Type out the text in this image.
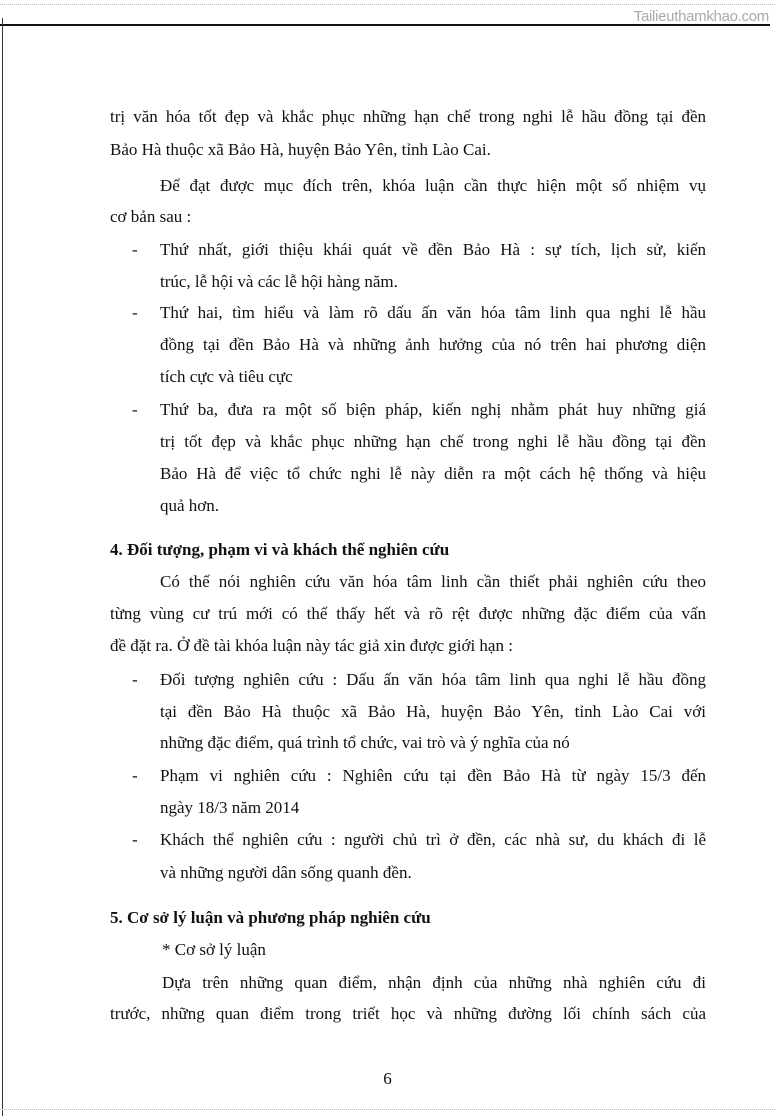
Tailieuthamkhao.com
trị văn hóa tốt đẹp và khắc phục những hạn chế trong nghi lễ hầu đồng tại đền
Bảo Hà thuộc xã Bảo Hà, huyện Bảo Yên, tỉnh Lào Cai.
Để đạt được mục đích trên, khóa luận cần thực hiện một số nhiệm vụ
cơ bản sau :
Thứ nhất, giới thiệu khái quát về đền Bảo Hà : sự tích, lịch sử, kiến
-
trúc, lễ hội và các lễ hội hàng năm.
Thứ hai, tìm hiểu và làm rõ dấu ấn văn hóa tâm linh qua nghi lễ hầu
-
đồng tại đền Bảo Hà và những ảnh hưởng của nó trên hai phương diện
tích cực và tiêu cực
Thứ ba, đưa ra một số biện pháp, kiến nghị nhằm phát huy những giá
-
trị tốt đẹp và khắc phục những hạn chế trong nghi lễ hầu đồng tại đền
Bảo Hà để việc tổ chức nghi lễ này diễn ra một cách hệ thống và hiệu
quả hơn.
4. Đối tượng, phạm vi và khách thể nghiên cứu
Có thể nói nghiên cứu văn hóa tâm linh cần thiết phải nghiên cứu theo
từng vùng cư trú mới có thể thấy hết và rõ rệt được những đặc điểm của vấn
đề đặt ra. Ở đề tài khóa luận này tác giả xin được giới hạn :
Đối tượng nghiên cứu : Dấu ấn văn hóa tâm linh qua nghi lễ hầu đồng
-
tại đền Bảo Hà thuộc xã Bảo Hà, huyện Bảo Yên, tỉnh Lào Cai với
những đặc điểm, quá trình tổ chức, vai trò và ý nghĩa của nó
Phạm vi nghiên cứu : Nghiên cứu tại đền Bảo Hà từ ngày 15/3 đến
-
ngày 18/3 năm 2014
Khách thể nghiên cứu : người chủ trì ở đền, các nhà sư, du khách đi lễ
-
và những người dân sống quanh đền.
5. Cơ sở lý luận và phương pháp nghiên cứu
* Cơ sở lý luận
Dựa trên những quan điểm, nhận định của những nhà nghiên cứu đi
trước, những quan điểm trong triết học và những đường lối chính sách của
6
